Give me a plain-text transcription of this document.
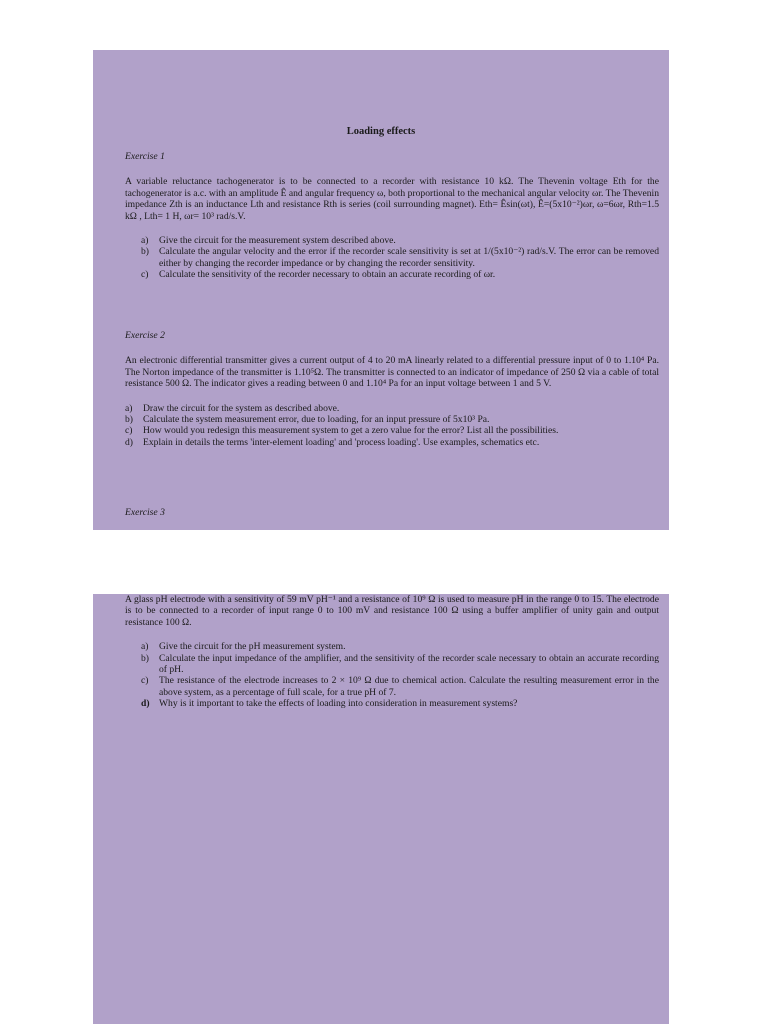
Loading effects
Exercise 1
A variable reluctance tachogenerator is to be connected to a recorder with resistance 10 kΩ. The Thevenin voltage Eth for the tachogenerator is a.c. with an amplitude Ê and angular frequency ω, both proportional to the mechanical angular velocity ωr. The Thevenin impedance Zth is an inductance Lth and resistance Rth is series (coil surrounding magnet). Eth= Êsin(ωt), Ê=(5x10⁻²)ωr, ω=6ωr, Rth=1.5 kΩ , Lth= 1 H, ωr= 10³ rad/s.V.
a) Give the circuit for the measurement system described above.
b) Calculate the angular velocity and the error if the recorder scale sensitivity is set at 1/(5x10⁻²) rad/s.V. The error can be removed either by changing the recorder impedance or by changing the recorder sensitivity.
c) Calculate the sensitivity of the recorder necessary to obtain an accurate recording of ωr.
Exercise 2
An electronic differential transmitter gives a current output of 4 to 20 mA linearly related to a differential pressure input of 0 to 1.10⁴ Pa. The Norton impedance of the transmitter is 1.10⁵Ω. The transmitter is connected to an indicator of impedance of 250 Ω via a cable of total resistance 500 Ω. The indicator gives a reading between 0 and 1.10⁴ Pa for an input voltage between 1 and 5 V.
a) Draw the circuit for the system as described above.
b) Calculate the system measurement error, due to loading, for an input pressure of 5x10³ Pa.
c) How would you redesign this measurement system to get a zero value for the error? List all the possibilities.
d) Explain in details the terms 'inter-element loading' and 'process loading'. Use examples, schematics etc.
Exercise 3
A glass pH electrode with a sensitivity of 59 mV pH⁻¹ and a resistance of 10⁹ Ω is used to measure pH in the range 0 to 15. The electrode is to be connected to a recorder of input range 0 to 100 mV and resistance 100 Ω using a buffer amplifier of unity gain and output resistance 100 Ω.
a) Give the circuit for the pH measurement system.
b) Calculate the input impedance of the amplifier, and the sensitivity of the recorder scale necessary to obtain an accurate recording of pH.
c) The resistance of the electrode increases to 2 × 10⁹ Ω due to chemical action. Calculate the resulting measurement error in the above system, as a percentage of full scale, for a true pH of 7.
d) Why is it important to take the effects of loading into consideration in measurement systems?
